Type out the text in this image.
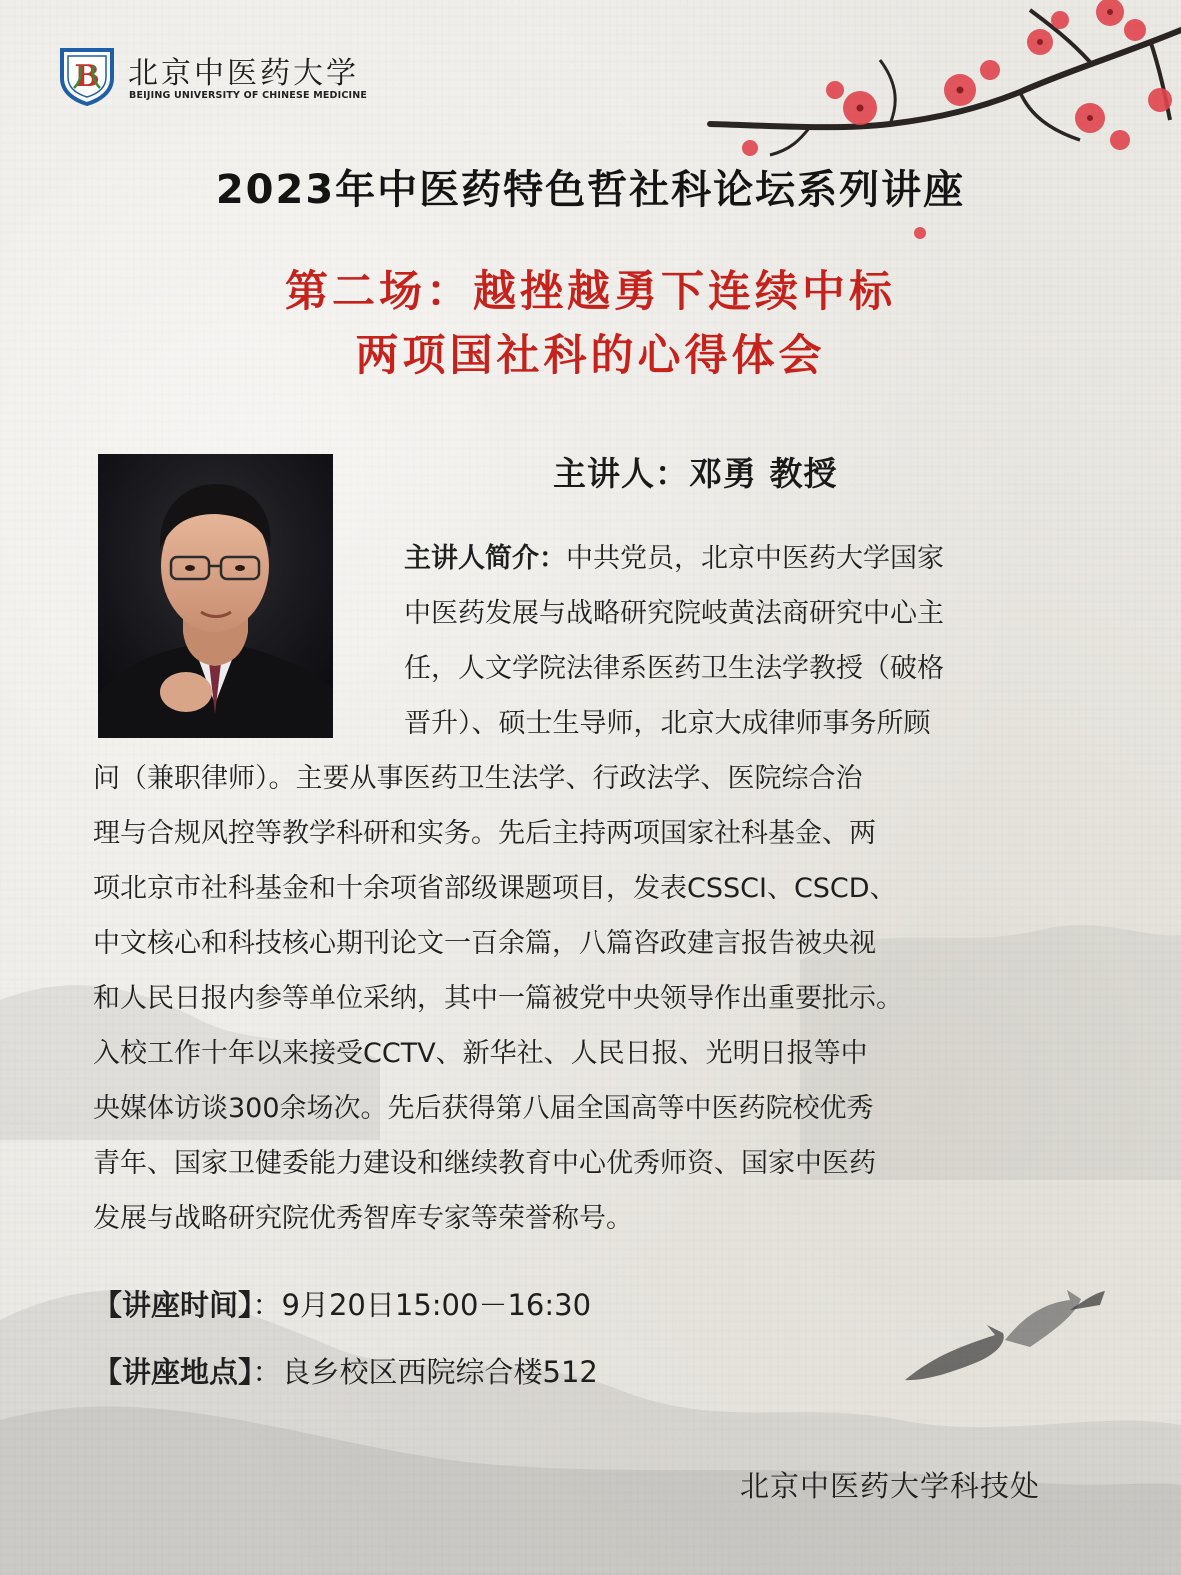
B 北京中医药大学
BEIJING UNIVERSITY OF CHINESE MEDICINE
2023年中医药特色哲社科论坛系列讲座
第二场：越挫越勇下连续中标
两项国社科的心得体会
主讲人：邓勇 教授
主讲人简介：中共党员，北京中医药大学国家
中医药发展与战略研究院岐黄法商研究中心主
任，人文学院法律系医药卫生法学教授（破格
晋升）、硕士生导师，北京大成律师事务所顾
问（兼职律师）。主要从事医药卫生法学、行政法学、医院综合治
理与合规风控等教学科研和实务。先后主持两项国家社科基金、两
项北京市社科基金和十余项省部级课题项目，发表CSSCI、CSCD、
中文核心和科技核心期刊论文一百余篇，八篇咨政建言报告被央视
和人民日报内参等单位采纳，其中一篇被党中央领导作出重要批示。
入校工作十年以来接受CCTV、新华社、人民日报、光明日报等中
央媒体访谈300余场次。先后获得第八届全国高等中医药院校优秀
青年、国家卫健委能力建设和继续教育中心优秀师资、国家中医药
发展与战略研究院优秀智库专家等荣誉称号。
【讲座时间】：9月20日15:00－16:30
【讲座地点】：良乡校区西院综合楼512
北京中医药大学科技处
